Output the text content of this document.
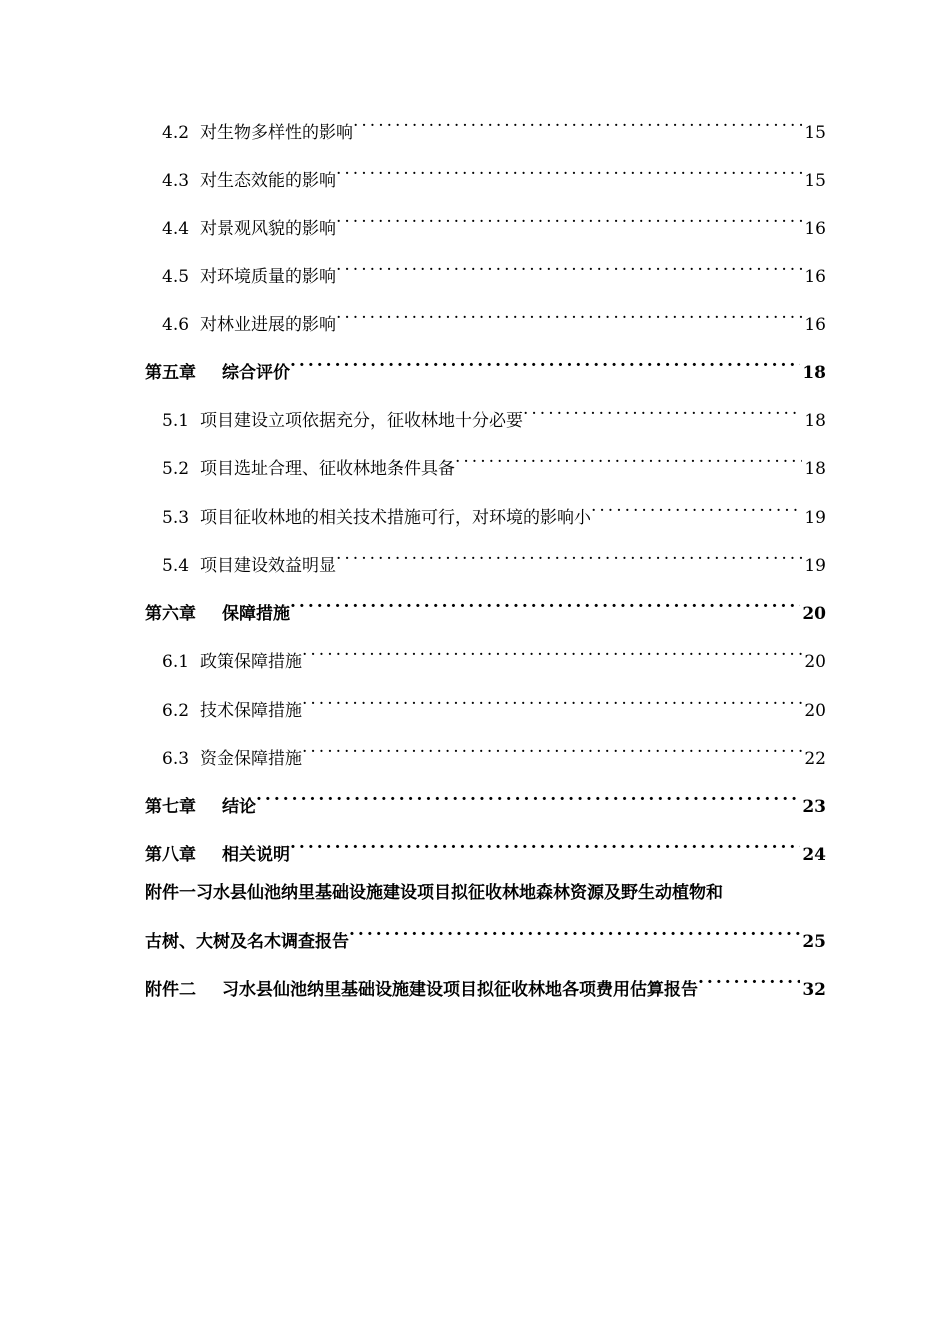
4.2 对生物多样性的影响 .....	15
4.3 对生态效能的影响 .....	15
4.4 对景观风貌的影响 .....	16
4.5 对环境质量的影响 .....	16
4.6 对林业进展的影响 .....	16
第五章	综合评价 .....	18
5.1 项目建设立项依据充分，征收林地十分必要 .....	18
5.2 项目选址合理、征收林地条件具备 .....	18
5.3 项目征收林地的相关技术措施可行，对环境的影响小 .....	19
5.4 项目建设效益明显 .....	19
第六章	保障措施 .....	20
6.1 政策保障措施 .....	20
6.2 技术保障措施 .....	20
6.3 资金保障措施 .....	22
第七章	结论 .....	23
第八章	相关说明 .....	24
附件一 习水县仙池纳里基础设施建设项目拟征收林地森林资源及野生动植物和
古树、大树及名木调查报告 .....	25
附件二	习水县仙池纳里基础设施建设项目拟征收林地各项费用估算报告 .....	32
